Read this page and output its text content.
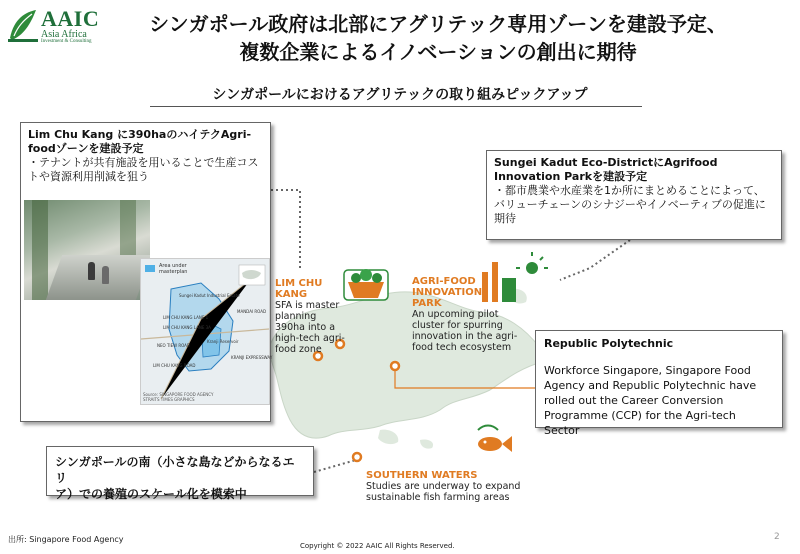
AAIC
Asia Africa
Investment & Consulting
シンガポール政府は北部にアグリテック専用ゾーンを建設予定、
複数企業によるイノベーションの創出に期待
シンガポールにおけるアグリテックの取り組みピックアップ
Lim Chu Kang に390haのハイテクAgri-
foodゾーンを建設予定
・テナントが共有施設を用いることで生産コストや資源利用削減を狙う
Area under masterplan
Sungei Kadut Industrial Estate
LIM CHU KANG LANE 1
LIM CHU KANG LANE 3A
MANDAI ROAD
NEO TIEW ROAD
KRANJI EXPRESSWAY
LIM CHU KANG ROAD
Kranji Reservoir
Source: SINGAPORE FOOD AGENCY
STRAITS TIMES GRAPHICS
Sungei Kadut Eco-DistrictにAgrifood
Innovation Parkを建設予定
・都市農業や水産業を1か所にまとめることによって、バリューチェーンのシナジーやイノベーティブの促進に期待
LIM CHU KANG
SFA is master planning 390ha into a high-tech agri-food zone
AGRI-FOOD
INNOVATION
PARK
An upcoming pilot cluster for spurring innovation in the agri-food tech ecosystem	Republic Polytechnic
Workforce Singapore, Singapore Food Agency and Republic Polytechnic have rolled out the Career Conversion Programme (CCP) for the Agri-tech Sector
シンガポールの南（小さな島などからなるエリ
ア）での養殖のスケール化を模索中
SOUTHERN WATERS
Studies are underway to expand sustainable fish farming areas
出所: Singapore Food Agency
Copyright © 2022 AAIC All Rights Reserved.
2
